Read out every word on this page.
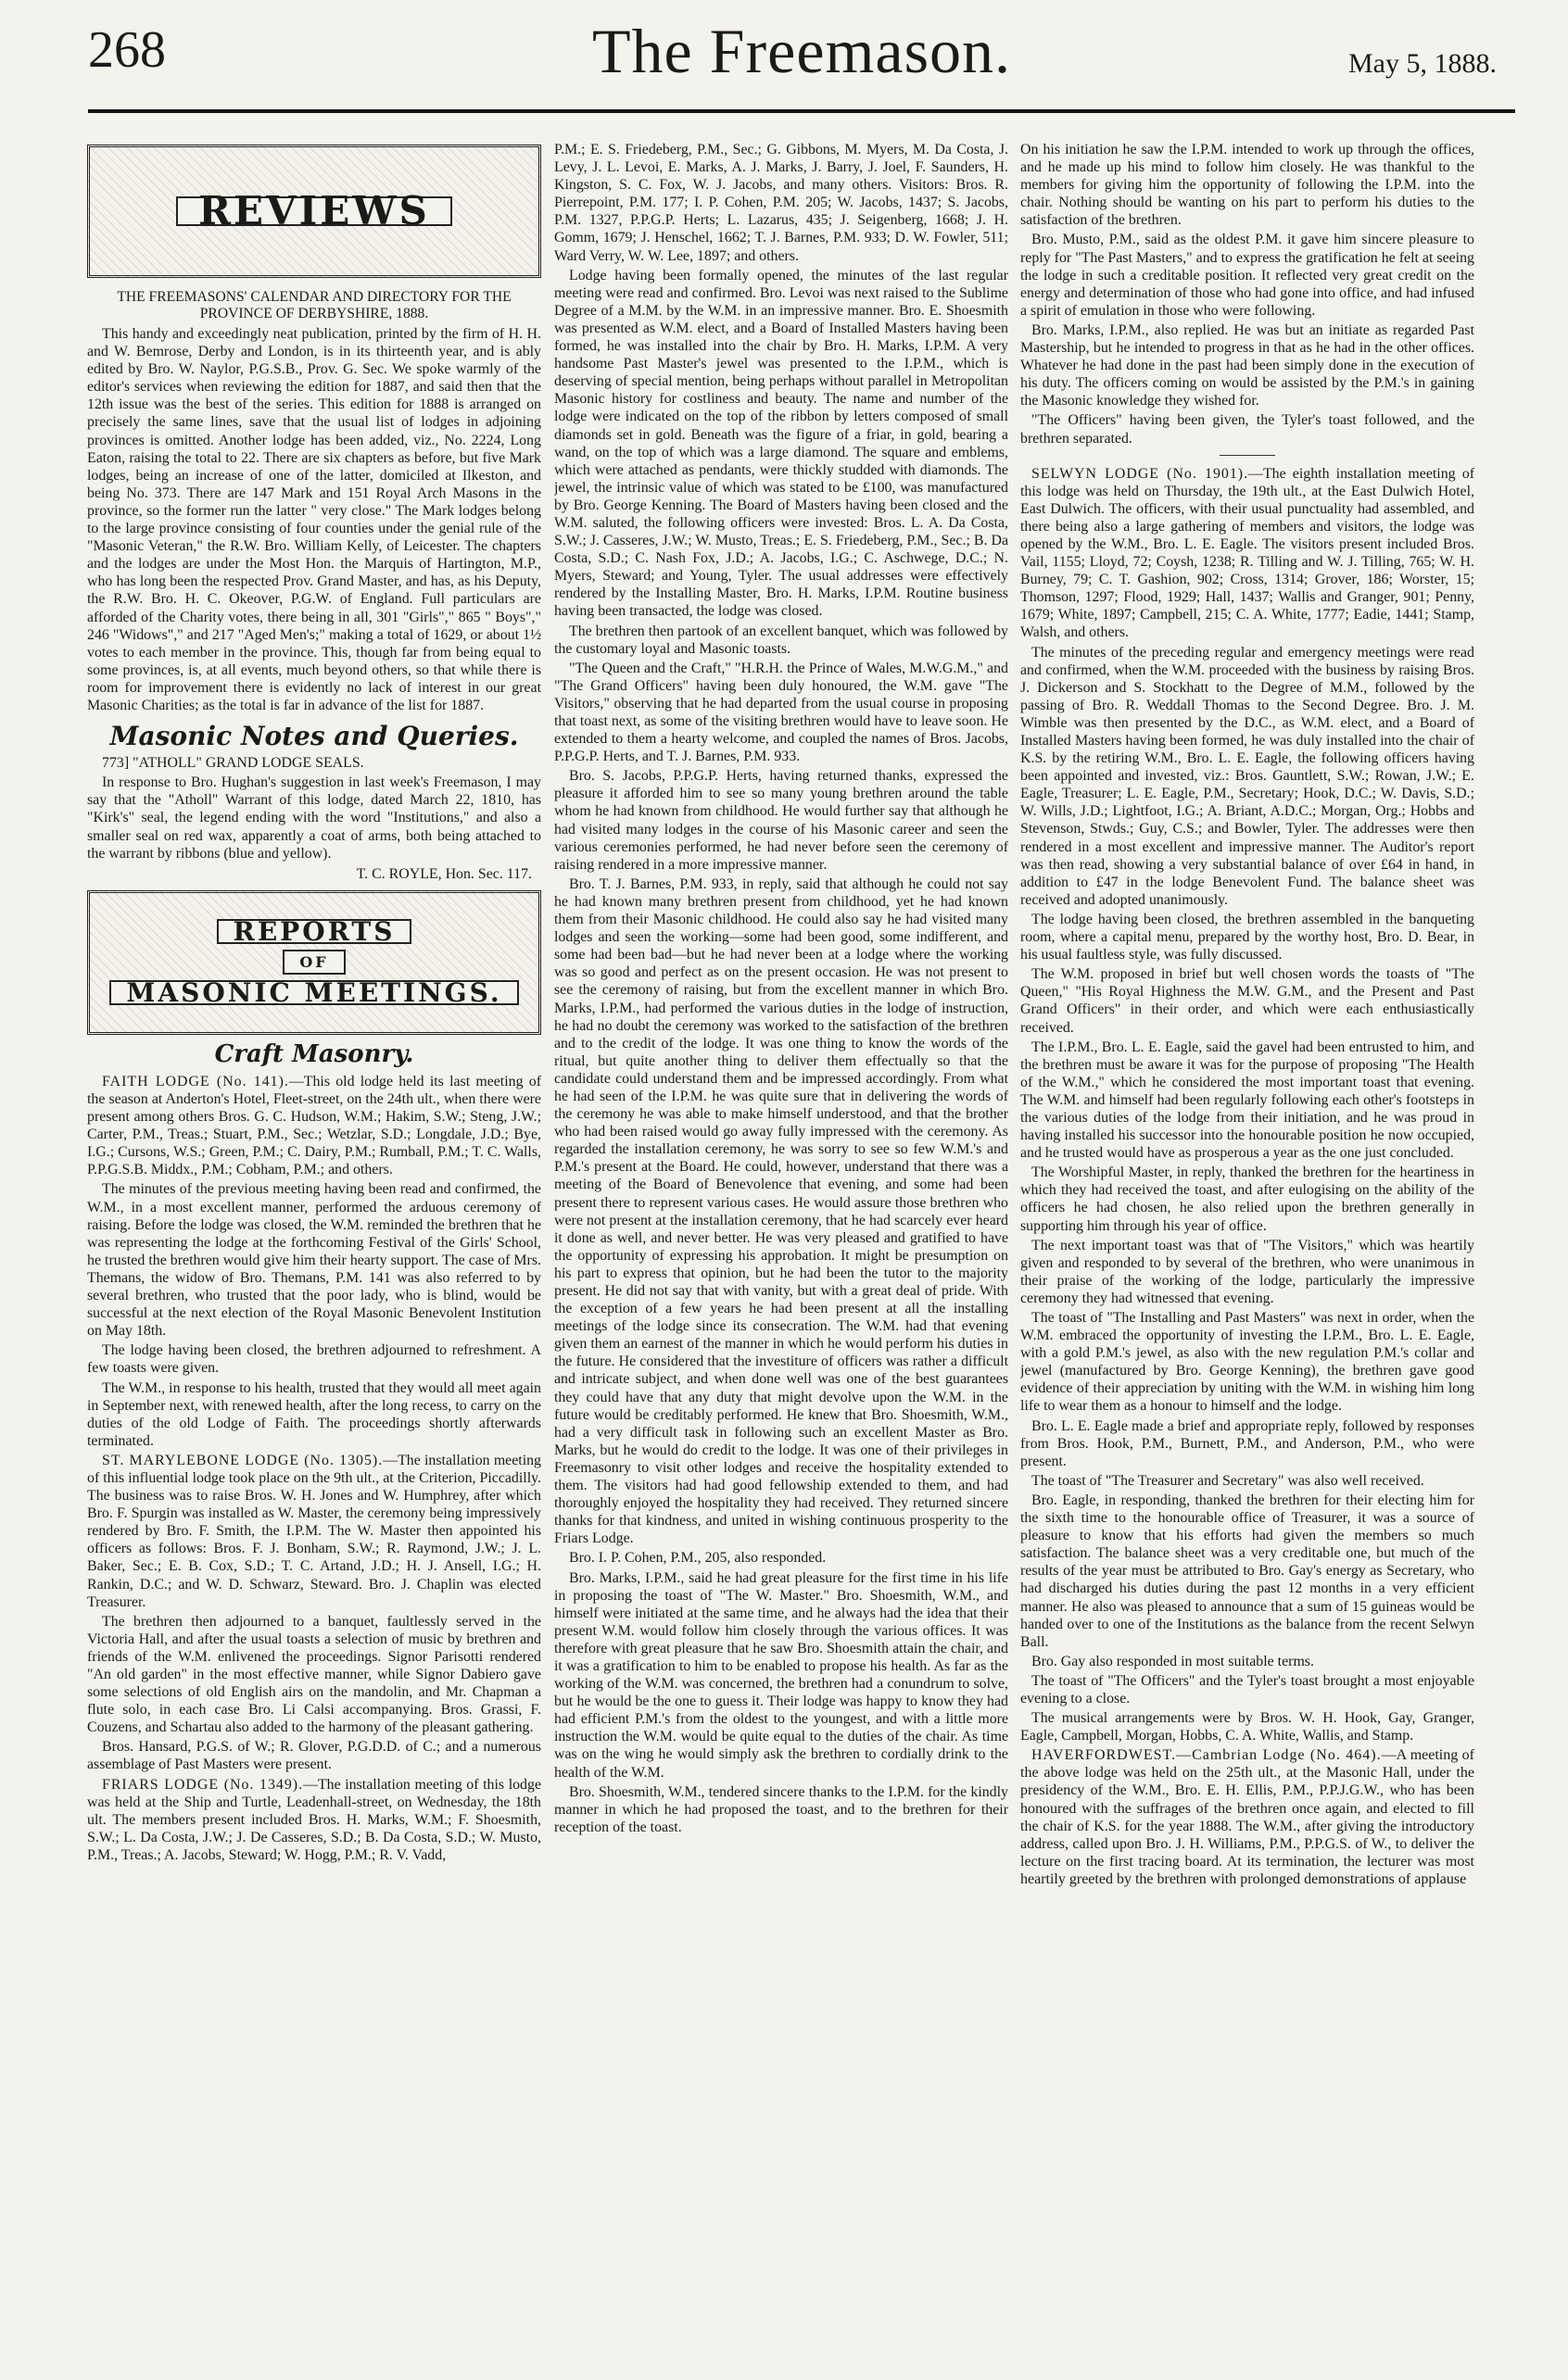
268	The Freemason.	May 5, 1888.
REVIEWS
THE FREEMASONS' CALENDAR AND DIRECTORY FOR THE PROVINCE OF DERBYSHIRE, 1888.

This handy and exceedingly neat publication, printed by the firm of H. H. and W. Bemrose, Derby and London, is in its thirteenth year, and is ably edited by Bro. W. Naylor, P.G.S.B., Prov. G. Sec. We spoke warmly of the editor's services when reviewing the edition for 1887, and said then that the 12th issue was the best of the series. This edition for 1888 is arranged on precisely the same lines, save that the usual list of lodges in adjoining provinces is omitted. Another lodge has been added, viz., No. 2224, Long Eaton, raising the total to 22. There are six chapters as before, but five Mark lodges, being an increase of one of the latter, domiciled at Ilkeston, and being No. 373. There are 147 Mark and 151 Royal Arch Masons in the province, so the former run the latter " very close." The Mark lodges belong to the large province consisting of four counties under the genial rule of the "Masonic Veteran," the R.W. Bro. William Kelly, of Leicester. The chapters and the lodges are under the Most Hon. the Marquis of Hartington, M.P., who has long been the respected Prov. Grand Master, and has, as his Deputy, the R.W. Bro. H. C. Okeover, P.G.W. of England. Full particulars are afforded of the Charity votes, there being in all, 301 "Girls"," 865 " Boys"," 246 "Widows"," and 217 "Aged Men's;" making a total of 1629, or about 1½ votes to each member in the province. This, though far from being equal to some provinces, is, at all events, much beyond others, so that while there is room for improvement there is evidently no lack of interest in our great Masonic Charities; as the total is far in advance of the list for 1887.

Masonic Notes and Queries.
773] "ATHOLL" GRAND LODGE SEALS.

In response to Bro. Hughan's suggestion in last week's Freemason, I may say that the "Atholl" Warrant of this lodge, dated March 22, 1810, has "Kirk's" seal, the legend ending with the word "Institutions," and also a smaller seal on red wax, apparently a coat of arms, both being attached to the warrant by ribbons (blue and yellow).

T. C. ROYLE, Hon. Sec. 117.
REPORTS
OF
MASONIC MEETINGS.
Craft Masonry.

FAITH LODGE (No. 141).—This old lodge held its last meeting of the season at Anderton's Hotel, Fleet-street, on the 24th ult., when there were present among others Bros. G. C. Hudson, W.M.; Hakim, S.W.; Steng, J.W.; Carter, P.M., Treas.; Stuart, P.M., Sec.; Wetzlar, S.D.; Longdale, J.D.; Bye, I.G.; Cursons, W.S.; Green, P.M.; C. Dairy, P.M.; Rumball, P.M.; T. C. Walls, P.P.G.S.B. Middx., P.M.; Cobham, P.M.; and others.

The minutes of the previous meeting having been read and confirmed, the W.M., in a most excellent manner, performed the arduous ceremony of raising. Before the lodge was closed, the W.M. reminded the brethren that he was representing the lodge at the forthcoming Festival of the Girls' School, he trusted the brethren would give him their hearty support. The case of Mrs. Themans, the widow of Bro. Themans, P.M. 141 was also referred to by several brethren, who trusted that the poor lady, who is blind, would be successful at the next election of the Royal Masonic Benevolent Institution on May 18th.

The lodge having been closed, the brethren adjourned to refreshment. A few toasts were given.

The W.M., in response to his health, trusted that they would all meet again in September next, with renewed health, after the long recess, to carry on the duties of the old Lodge of Faith. The proceedings shortly afterwards terminated.

ST. MARYLEBONE LODGE (No. 1305).—The installation meeting of this influential lodge took place on the 9th ult., at the Criterion, Piccadilly. The business was to raise Bros. W. H. Jones and W. Humphrey, after which Bro. F. Spurgin was installed as W. Master, the ceremony being impressively rendered by Bro. F. Smith, the I.P.M. The W. Master then appointed his officers as follows: Bros. F. J. Bonham, S.W.; R. Raymond, J.W.; J. L. Baker, Sec.; E. B. Cox, S.D.; T. C. Artand, J.D.; H. J. Ansell, I.G.; H. Rankin, D.C.; and W. D. Schwarz, Steward. Bro. J. Chaplin was elected Treasurer.

The brethren then adjourned to a banquet, faultlessly served in the Victoria Hall, and after the usual toasts a selection of music by brethren and friends of the W.M. enlivened the proceedings. Signor Parisotti rendered "An old garden" in the most effective manner, while Signor Dabiero gave some selections of old English airs on the mandolin, and Mr. Chapman a flute solo, in each case Bro. Li Calsi accompanying. Bros. Grassi, F. Couzens, and Schartau also added to the harmony of the pleasant gathering.

Bros. Hansard, P.G.S. of W.; R. Glover, P.G.D.D. of C.; and a numerous assemblage of Past Masters were present.

FRIARS LODGE (No. 1349).—The installation meeting of this lodge was held at the Ship and Turtle, Leadenhall-street, on Wednesday, the 18th ult. The members present included Bros. H. Marks, W.M.; F. Shoesmith, S.W.; L. Da Costa, J.W.; J. De Casseres, S.D.; B. Da Costa, S.D.; W. Musto, P.M., Treas.; A. Jacobs, Steward; W. Hogg, P.M.; R. V. Vadd,

P.M.; E. S. Friedeberg, P.M., Sec.; G. Gibbons, M. Myers, M. Da Costa, J. Levy, J. L. Levoi, E. Marks, A. J. Marks, J. Barry, J. Joel, F. Saunders, H. Kingston, S. C. Fox, W. J. Jacobs, and many others. Visitors: Bros. R. Pierrepoint, P.M. 177; I. P. Cohen, P.M. 205; W. Jacobs, 1437; S. Jacobs, P.M. 1327, P.P.G.P. Herts; L. Lazarus, 435; J. Seigenberg, 1668; J. H. Gomm, 1679; J. Henschel, 1662; T. J. Barnes, P.M. 933; D. W. Fowler, 511; Ward Verry, W. W. Lee, 1897; and others.

Lodge having been formally opened, the minutes of the last regular meeting were read and confirmed. Bro. Levoi was next raised to the Sublime Degree of a M.M. by the W.M. in an impressive manner. Bro. E. Shoesmith was presented as W.M. elect, and a Board of Installed Masters having been formed, he was installed into the chair by Bro. H. Marks, I.P.M. A very handsome Past Master's jewel was presented to the I.P.M., which is deserving of special mention, being perhaps without parallel in Metropolitan Masonic history for costliness and beauty. The name and number of the lodge were indicated on the top of the ribbon by letters composed of small diamonds set in gold. Beneath was the figure of a friar, in gold, bearing a wand, on the top of which was a large diamond. The square and emblems, which were attached as pendants, were thickly studded with diamonds. The jewel, the intrinsic value of which was stated to be £100, was manufactured by Bro. George Kenning. The Board of Masters having been closed and the W.M. saluted, the following officers were invested: Bros. L. A. Da Costa, S.W.; J. Casseres, J.W.; W. Musto, Treas.; E. S. Friedeberg, P.M., Sec.; B. Da Costa, S.D.; C. Nash Fox, J.D.; A. Jacobs, I.G.; C. Aschwege, D.C.; N. Myers, Steward; and Young, Tyler. The usual addresses were effectively rendered by the Installing Master, Bro. H. Marks, I.P.M. Routine business having been transacted, the lodge was closed.

The brethren then partook of an excellent banquet, which was followed by the customary loyal and Masonic toasts.

"The Queen and the Craft," "H.R.H. the Prince of Wales, M.W.G.M.," and "The Grand Officers" having been duly honoured, the W.M. gave "The Visitors," observing that he had departed from the usual course in proposing that toast next, as some of the visiting brethren would have to leave soon. He extended to them a hearty welcome, and coupled the names of Bros. Jacobs, P.P.G.P. Herts, and T. J. Barnes, P.M. 933.

Bro. S. Jacobs, P.P.G.P. Herts, having returned thanks, expressed the pleasure it afforded him to see so many young brethren around the table whom he had known from childhood. He would further say that although he had visited many lodges in the course of his Masonic career and seen the various ceremonies performed, he had never before seen the ceremony of raising rendered in a more impressive manner.

Bro. T. J. Barnes, P.M. 933, in reply, said that although he could not say he had known many brethren present from childhood, yet he had known them from their Masonic childhood. He could also say he had visited many lodges and seen the working—some had been good, some indifferent, and some had been bad—but he had never been at a lodge where the working was so good and perfect as on the present occasion. He was not present to see the ceremony of raising, but from the excellent manner in which Bro. Marks, I.P.M., had performed the various duties in the lodge of instruction, he had no doubt the ceremony was worked to the satisfaction of the brethren and to the credit of the lodge. It was one thing to know the words of the ritual, but quite another thing to deliver them effectually so that the candidate could understand them and be impressed accordingly. From what he had seen of the I.P.M. he was quite sure that in delivering the words of the ceremony he was able to make himself understood, and that the brother who had been raised would go away fully impressed with the ceremony. As regarded the installation ceremony, he was sorry to see so few W.M.'s and P.M.'s present at the Board. He could, however, understand that there was a meeting of the Board of Benevolence that evening, and some had been present there to represent various cases. He would assure those brethren who were not present at the installation ceremony, that he had scarcely ever heard it done as well, and never better. He was very pleased and gratified to have the opportunity of expressing his approbation. It might be presumption on his part to express that opinion, but he had been the tutor to the majority present. He did not say that with vanity, but with a great deal of pride. With the exception of a few years he had been present at all the installing meetings of the lodge since its consecration. The W.M. had that evening given them an earnest of the manner in which he would perform his duties in the future. He considered that the investiture of officers was rather a difficult and intricate subject, and when done well was one of the best guarantees they could have that any duty that might devolve upon the W.M. in the future would be creditably performed. He knew that Bro. Shoesmith, W.M., had a very difficult task in following such an excellent Master as Bro. Marks, but he would do credit to the lodge. It was one of their privileges in Freemasonry to visit other lodges and receive the hospitality extended to them. The visitors had had good fellowship extended to them, and had thoroughly enjoyed the hospitality they had received. They returned sincere thanks for that kindness, and united in wishing continuous prosperity to the Friars Lodge.

Bro. I. P. Cohen, P.M., 205, also responded.

Bro. Marks, I.P.M., said he had great pleasure for the first time in his life in proposing the toast of "The W. Master." Bro. Shoesmith, W.M., and himself were initiated at the same time, and he always had the idea that their present W.M. would follow him closely through the various offices. It was therefore with great pleasure that he saw Bro. Shoesmith attain the chair, and it was a gratification to him to be enabled to propose his health. As far as the working of the W.M. was concerned, the brethren had a conundrum to solve, but he would be the one to guess it. Their lodge was happy to know they had had efficient P.M.'s from the oldest to the youngest, and with a little more instruction the W.M. would be quite equal to the duties of the chair. As time was on the wing he would simply ask the brethren to cordially drink to the health of the W.M.

Bro. Shoesmith, W.M., tendered sincere thanks to the I.P.M. for the kindly manner in which he had proposed the toast, and to the brethren for their reception of the toast.

On his initiation he saw the I.P.M. intended to work up through the offices, and he made up his mind to follow him closely. He was thankful to the members for giving him the opportunity of following the I.P.M. into the chair. Nothing should be wanting on his part to perform his duties to the satisfaction of the brethren.

Bro. Musto, P.M., said as the oldest P.M. it gave him sincere pleasure to reply for "The Past Masters," and to express the gratification he felt at seeing the lodge in such a creditable position. It reflected very great credit on the energy and determination of those who had gone into office, and had infused a spirit of emulation in those who were following.

Bro. Marks, I.P.M., also replied. He was but an initiate as regarded Past Mastership, but he intended to progress in that as he had in the other offices. Whatever he had done in the past had been simply done in the execution of his duty. The officers coming on would be assisted by the P.M.'s in gaining the Masonic knowledge they wished for.

"The Officers" having been given, the Tyler's toast followed, and the brethren separated.

SELWYN LODGE (No. 1901).—The eighth installation meeting of this lodge was held on Thursday, the 19th ult., at the East Dulwich Hotel, East Dulwich. The officers, with their usual punctuality had assembled, and there being also a large gathering of members and visitors, the lodge was opened by the W.M., Bro. L. E. Eagle. The visitors present included Bros. Vail, 1155; Lloyd, 72; Coysh, 1238; R. Tilling and W. J. Tilling, 765; W. H. Burney, 79; C. T. Gashion, 902; Cross, 1314; Grover, 186; Worster, 15; Thomson, 1297; Flood, 1929; Hall, 1437; Wallis and Granger, 901; Penny, 1679; White, 1897; Campbell, 215; C. A. White, 1777; Eadie, 1441; Stamp, Walsh, and others.

The minutes of the preceding regular and emergency meetings were read and confirmed, when the W.M. proceeded with the business by raising Bros. J. Dickerson and S. Stockhatt to the Degree of M.M., followed by the passing of Bro. R. Weddall Thomas to the Second Degree. Bro. J. M. Wimble was then presented by the D.C., as W.M. elect, and a Board of Installed Masters having been formed, he was duly installed into the chair of K.S. by the retiring W.M., Bro. L. E. Eagle, the following officers having been appointed and invested, viz.: Bros. Gauntlett, S.W.; Rowan, J.W.; E. Eagle, Treasurer; L. E. Eagle, P.M., Secretary; Hook, D.C.; W. Davis, S.D.; W. Wills, J.D.; Lightfoot, I.G.; A. Briant, A.D.C.; Morgan, Org.; Hobbs and Stevenson, Stwds.; Guy, C.S.; and Bowler, Tyler. The addresses were then rendered in a most excellent and impressive manner. The Auditor's report was then read, showing a very substantial balance of over £64 in hand, in addition to £47 in the lodge Benevolent Fund. The balance sheet was received and adopted unanimously.

The lodge having been closed, the brethren assembled in the banqueting room, where a capital menu, prepared by the worthy host, Bro. D. Bear, in his usual faultless style, was fully discussed.

The W.M. proposed in brief but well chosen words the toasts of "The Queen," "His Royal Highness the M.W. G.M., and the Present and Past Grand Officers" in their order, and which were each enthusiastically received.

The I.P.M., Bro. L. E. Eagle, said the gavel had been entrusted to him, and the brethren must be aware it was for the purpose of proposing "The Health of the W.M.," which he considered the most important toast that evening. The W.M. and himself had been regularly following each other's footsteps in the various duties of the lodge from their initiation, and he was proud in having installed his successor into the honourable position he now occupied, and he trusted would have as prosperous a year as the one just concluded.

The Worshipful Master, in reply, thanked the brethren for the heartiness in which they had received the toast, and after eulogising on the ability of the officers he had chosen, he also relied upon the brethren generally in supporting him through his year of office.

The next important toast was that of "The Visitors," which was heartily given and responded to by several of the brethren, who were unanimous in their praise of the working of the lodge, particularly the impressive ceremony they had witnessed that evening.

The toast of "The Installing and Past Masters" was next in order, when the W.M. embraced the opportunity of investing the I.P.M., Bro. L. E. Eagle, with a gold P.M.'s jewel, as also with the new regulation P.M.'s collar and jewel (manufactured by Bro. George Kenning), the brethren gave good evidence of their appreciation by uniting with the W.M. in wishing him long life to wear them as a honour to himself and the lodge.

Bro. L. E. Eagle made a brief and appropriate reply, followed by responses from Bros. Hook, P.M., Burnett, P.M., and Anderson, P.M., who were present.

The toast of "The Treasurer and Secretary" was also well received.

Bro. Eagle, in responding, thanked the brethren for their electing him for the sixth time to the honourable office of Treasurer, it was a source of pleasure to know that his efforts had given the members so much satisfaction. The balance sheet was a very creditable one, but much of the results of the year must be attributed to Bro. Gay's energy as Secretary, who had discharged his duties during the past 12 months in a very efficient manner. He also was pleased to announce that a sum of 15 guineas would be handed over to one of the Institutions as the balance from the recent Selwyn Ball.

Bro. Gay also responded in most suitable terms.

The toast of "The Officers" and the Tyler's toast brought a most enjoyable evening to a close.

The musical arrangements were by Bros. W. H. Hook, Gay, Granger, Eagle, Campbell, Morgan, Hobbs, C. A. White, Wallis, and Stamp.

HAVERFORDWEST.—Cambrian Lodge (No. 464).—A meeting of the above lodge was held on the 25th ult., at the Masonic Hall, under the presidency of the W.M., Bro. E. H. Ellis, P.M., P.P.J.G.W., who has been honoured with the suffrages of the brethren once again, and elected to fill the chair of K.S. for the year 1888. The W.M., after giving the introductory address, called upon Bro. J. H. Williams, P.M., P.P.G.S. of W., to deliver the lecture on the first tracing board. At its termination, the lecturer was most heartily greeted by the brethren with prolonged demonstrations of applause
